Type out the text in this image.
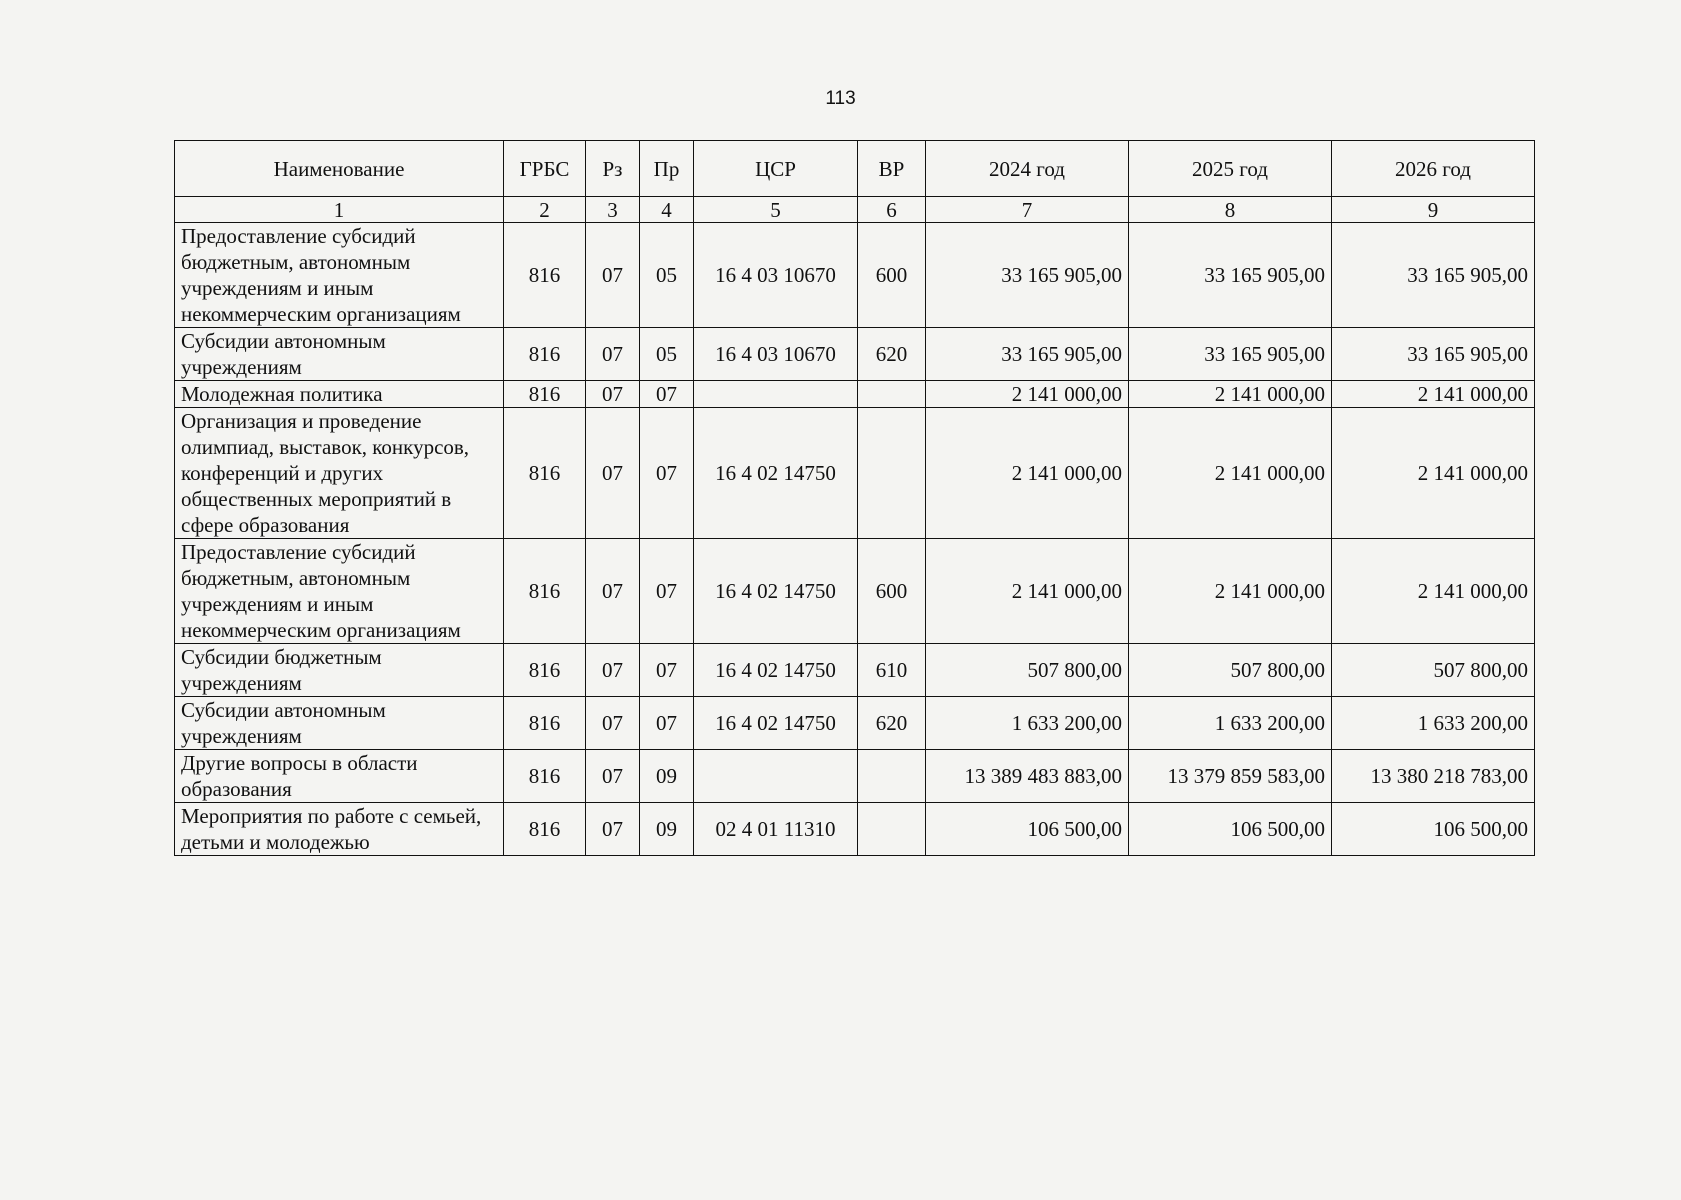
113
Наименование	ГРБС	Рз	Пр	ЦСР	ВР	2024 год	2025 год	2026 год
1	2	3	4	5	6	7	8	9
Предоставление субсидий бюджетным, автономным учреждениям и иным некоммерческим организациям	816	07	05	16 4 03 10670	600	33 165 905,00	33 165 905,00	33 165 905,00
Субсидии автономным учреждениям	816	07	05	16 4 03 10670	620	33 165 905,00	33 165 905,00	33 165 905,00
Молодежная политика	816	07	07			2 141 000,00	2 141 000,00	2 141 000,00
Организация и проведение олимпиад, выставок, конкурсов, конференций и других общественных мероприятий в сфере образования	816	07	07	16 4 02 14750		2 141 000,00	2 141 000,00	2 141 000,00
Предоставление субсидий бюджетным, автономным учреждениям и иным некоммерческим организациям	816	07	07	16 4 02 14750	600	2 141 000,00	2 141 000,00	2 141 000,00
Субсидии бюджетным учреждениям	816	07	07	16 4 02 14750	610	507 800,00	507 800,00	507 800,00
Субсидии автономным учреждениям	816	07	07	16 4 02 14750	620	1 633 200,00	1 633 200,00	1 633 200,00
Другие вопросы в области образования	816	07	09			13 389 483 883,00	13 379 859 583,00	13 380 218 783,00
Мероприятия по работе с семьей, детьми и молодежью	816	07	09	02 4 01 11310		106 500,00	106 500,00	106 500,00
